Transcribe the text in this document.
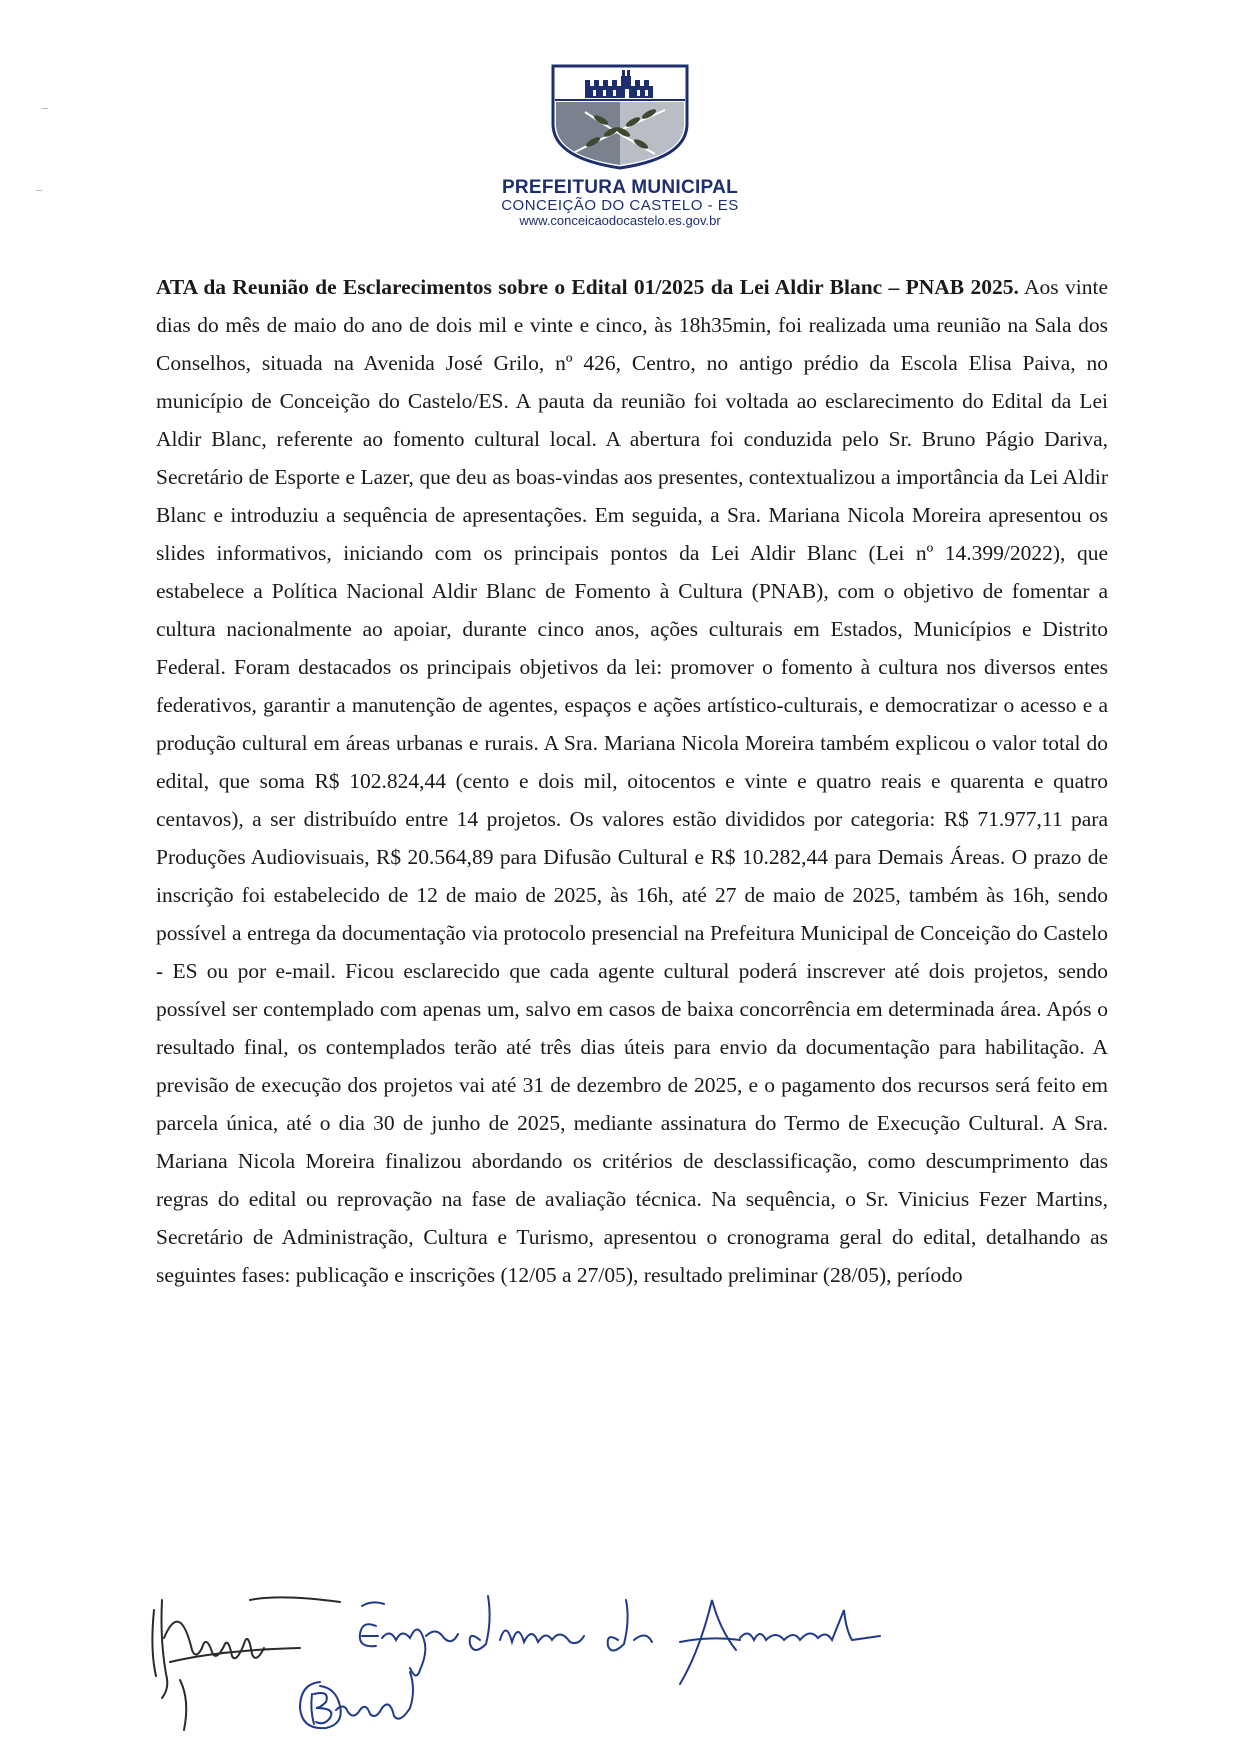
PREFEITURA MUNICIPAL
CONCEIÇÃO DO CASTELO - ES
www.conceicaodocastelo.es.gov.br

ATA da Reunião de Esclarecimentos sobre o Edital 01/2025 da Lei Aldir Blanc – PNAB 2025. Aos vinte dias do mês de maio do ano de dois mil e vinte e cinco, às 18h35min, foi realizada uma reunião na Sala dos Conselhos, situada na Avenida José Grilo, nº 426, Centro, no antigo prédio da Escola Elisa Paiva, no município de Conceição do Castelo/ES. A pauta da reunião foi voltada ao esclarecimento do Edital da Lei Aldir Blanc, referente ao fomento cultural local. A abertura foi conduzida pelo Sr. Bruno Págio Dariva, Secretário de Esporte e Lazer, que deu as boas-vindas aos presentes, contextualizou a importância da Lei Aldir Blanc e introduziu a sequência de apresentações. Em seguida, a Sra. Mariana Nicola Moreira apresentou os slides informativos, iniciando com os principais pontos da Lei Aldir Blanc (Lei nº 14.399/2022), que estabelece a Política Nacional Aldir Blanc de Fomento à Cultura (PNAB), com o objetivo de fomentar a cultura nacionalmente ao apoiar, durante cinco anos, ações culturais em Estados, Municípios e Distrito Federal. Foram destacados os principais objetivos da lei: promover o fomento à cultura nos diversos entes federativos, garantir a manutenção de agentes, espaços e ações artístico-culturais, e democratizar o acesso e a produção cultural em áreas urbanas e rurais. A Sra. Mariana Nicola Moreira também explicou o valor total do edital, que soma R$ 102.824,44 (cento e dois mil, oitocentos e vinte e quatro reais e quarenta e quatro centavos), a ser distribuído entre 14 projetos. Os valores estão divididos por categoria: R$ 71.977,11 para Produções Audiovisuais, R$ 20.564,89 para Difusão Cultural e R$ 10.282,44 para Demais Áreas. O prazo de inscrição foi estabelecido de 12 de maio de 2025, às 16h, até 27 de maio de 2025, também às 16h, sendo possível a entrega da documentação via protocolo presencial na Prefeitura Municipal de Conceição do Castelo - ES ou por e-mail. Ficou esclarecido que cada agente cultural poderá inscrever até dois projetos, sendo possível ser contemplado com apenas um, salvo em casos de baixa concorrência em determinada área. Após o resultado final, os contemplados terão até três dias úteis para envio da documentação para habilitação. A previsão de execução dos projetos vai até 31 de dezembro de 2025, e o pagamento dos recursos será feito em parcela única, até o dia 30 de junho de 2025, mediante assinatura do Termo de Execução Cultural. A Sra. Mariana Nicola Moreira finalizou abordando os critérios de desclassificação, como descumprimento das regras do edital ou reprovação na fase de avaliação técnica. Na sequência, o Sr. Vinicius Fezer Martins, Secretário de Administração, Cultura e Turismo, apresentou o cronograma geral do edital, detalhando as seguintes fases: publicação e inscrições (12/05 a 27/05), resultado preliminar (28/05), período
